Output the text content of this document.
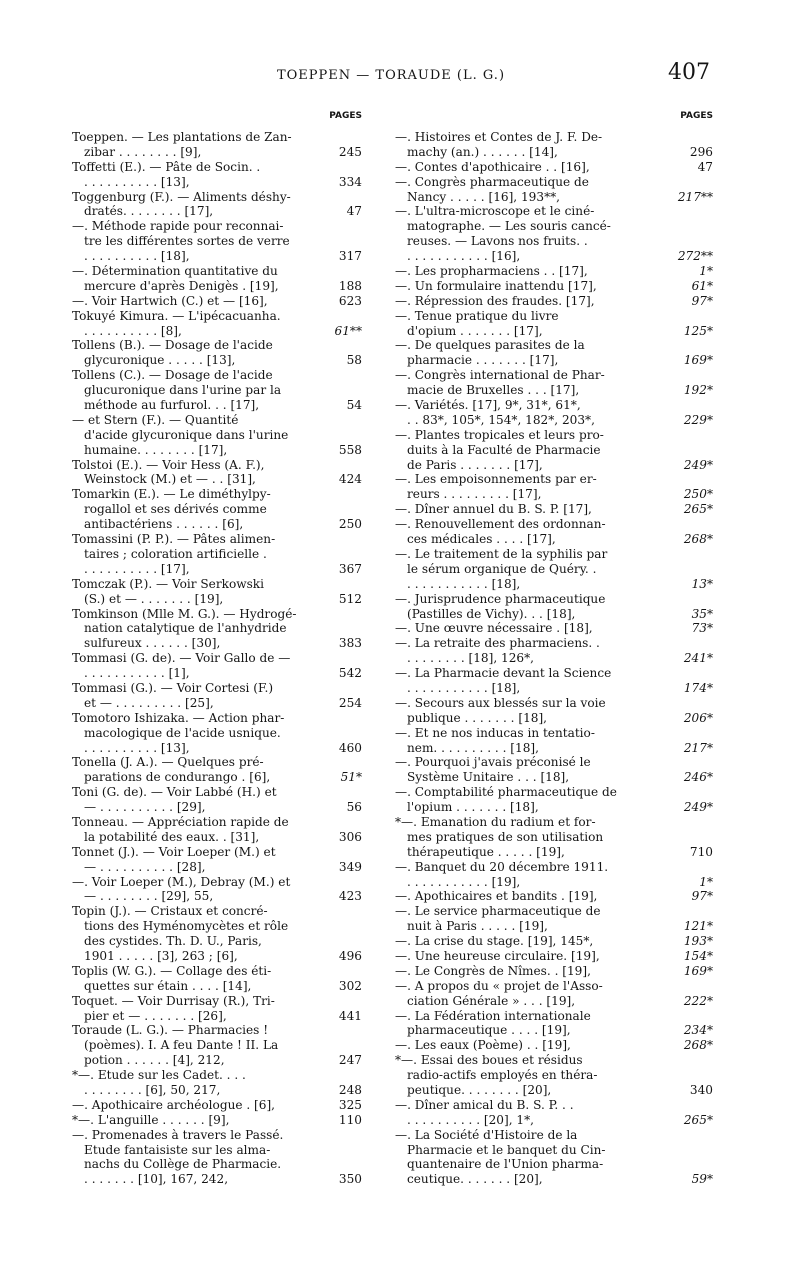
TOEPPEN — TORAUDE (L. G.)	407
PAGES
Toeppen. — Les plantations de Zan-
zibar . . . . . . . . [9],	245
Toffetti (E.). — Pâte de Socin. .
. . . . . . . . . . [13],	334
Toggenburg (F.). — Aliments déshy-
dratés. . . . . . . . [17],	47
—. Méthode rapide pour reconnai-
tre les différentes sortes de verre
. . . . . . . . . . [18],	317
—. Détermination quantitative du
mercure d'après Denigès . [19],	188
—. Voir Hartwich (C.) et — [16],	623
Tokuyé Kimura. — L'ipécacuanha.
. . . . . . . . . . [8],	61**
Tollens (B.). — Dosage de l'acide
glycuronique . . . . . [13],	58
Tollens (C.). — Dosage de l'acide
glucuronique dans l'urine par la
méthode au furfurol. . . [17],	54
— et Stern (F.). — Quantité
d'acide glycuronique dans l'urine
humaine. . . . . . . . [17],	558
Tolstoi (E.). — Voir Hess (A. F.),
Weinstock (M.) et — . . [31],	424
Tomarkin (E.). — Le diméthylpy-
rogallol et ses dérivés comme
antibactériens . . . . . . [6],	250
Tomassini (P. P.). — Pâtes alimen-
taires ; coloration artificielle .
. . . . . . . . . . [17],	367
Tomczak (P.). — Voir Serkowski
(S.) et — . . . . . . . [19],	512
Tomkinson (Mlle M. G.). — Hydrogé-
nation catalytique de l'anhydride
sulfureux . . . . . . [30],	383
Tommasi (G. de). — Voir Gallo de —
. . . . . . . . . . . [1],	542
Tommasi (G.). — Voir Cortesi (F.)
et — . . . . . . . . . [25],	254
Tomotoro Ishizaka. — Action phar-
macologique de l'acide usnique.
. . . . . . . . . . [13],	460
Tonella (J. A.). — Quelques pré-
parations de condurango . [6],	51*
Toni (G. de). — Voir Labbé (H.) et
— . . . . . . . . . . [29],	56
Tonneau. — Appréciation rapide de
la potabilité des eaux. . [31],	306
Tonnet (J.). — Voir Loeper (M.) et
— . . . . . . . . . . [28],	349
—. Voir Loeper (M.), Debray (M.) et
— . . . . . . . . [29], 55,	423
Topin (J.). — Cristaux et concré-
tions des Hyménomycètes et rôle
des cystides. Th. D. U., Paris,
1901 . . . . . [3], 263 ; [6],	496
Toplis (W. G.). — Collage des éti-
quettes sur étain . . . . [14],	302
Toquet. — Voir Durrisay (R.), Tri-
pier et — . . . . . . . [26],	441
Toraude (L. G.). — Pharmacies !
(poèmes). I. A feu Dante ! II. La
potion . . . . . . [4], 212,	247
*—. Etude sur les Cadet. . . .
. . . . . . . . [6], 50, 217,	248
—. Apothicaire archéologue . [6],	325
*—. L'anguille . . . . . . [9],	110
—. Promenades à travers le Passé.
Etude fantaisiste sur les alma-
nachs du Collège de Pharmacie.
. . . . . . . [10], 167, 242,	350
PAGES
—. Histoires et Contes de J. F. De-
machy (an.) . . . . . . [14],	296
—. Contes d'apothicaire . . [16],	47
—. Congrès pharmaceutique de
Nancy . . . . . [16], 193**,	217**
—. L'ultra-microscope et le ciné-
matographe. — Les souris cancé-
reuses. — Lavons nos fruits. .
. . . . . . . . . . . [16],	272**
—. Les propharmaciens . . [17],	1*
—. Un formulaire inattendu [17],	61*
—. Répression des fraudes. [17],	97*
—. Tenue pratique du livre
d'opium . . . . . . . [17],	125*
—. De quelques parasites de la
pharmacie . . . . . . . [17],	169*
—. Congrès international de Phar-
macie de Bruxelles . . . [17],	192*
—. Variétés. [17], 9*, 31*, 61*,
. . 83*, 105*, 154*, 182*, 203*,	229*
—. Plantes tropicales et leurs pro-
duits à la Faculté de Pharmacie
de Paris . . . . . . . [17],	249*
—. Les empoisonnements par er-
reurs . . . . . . . . . [17],	250*
—. Dîner annuel du B. S. P. [17],	265*
—. Renouvellement des ordonnan-
ces médicales . . . . [17],	268*
—. Le traitement de la syphilis par
le sérum organique de Quéry. .
. . . . . . . . . . . [18],	13*
—. Jurisprudence pharmaceutique
(Pastilles de Vichy). . . [18],	35*
—. Une œuvre nécessaire . [18],	73*
—. La retraite des pharmaciens. .
. . . . . . . . [18], 126*,	241*
—. La Pharmacie devant la Science
. . . . . . . . . . . [18],	174*
—. Secours aux blessés sur la voie
publique . . . . . . . [18],	206*
—. Et ne nos inducas in tentatio-
nem. . . . . . . . . . [18],	217*
—. Pourquoi j'avais préconisé le
Système Unitaire . . . [18],	246*
—. Comptabilité pharmaceutique de
l'opium . . . . . . . [18],	249*
*—. Emanation du radium et for-
mes pratiques de son utilisation
thérapeutique . . . . . [19],	710
—. Banquet du 20 décembre 1911.
. . . . . . . . . . . [19],	1*
—. Apothicaires et bandits . [19],	97*
—. Le service pharmaceutique de
nuit à Paris . . . . . [19],	121*
—. La crise du stage. [19], 145*,	193*
—. Une heureuse circulaire. [19],	154*
—. Le Congrès de Nîmes. . [19],	169*
—. A propos du « projet de l'Asso-
ciation Générale » . . . [19],	222*
—. La Fédération internationale
pharmaceutique . . . . [19],	234*
—. Les eaux (Poème) . . [19],	268*
*—. Essai des boues et résidus
radio-actifs employés en théra-
peutique. . . . . . . . [20],	340
—. Dîner amical du B. S. P. . .
. . . . . . . . . . [20], 1*,	265*
—. La Société d'Histoire de la
Pharmacie et le banquet du Cin-
quantenaire de l'Union pharma-
ceutique. . . . . . . [20],	59*
